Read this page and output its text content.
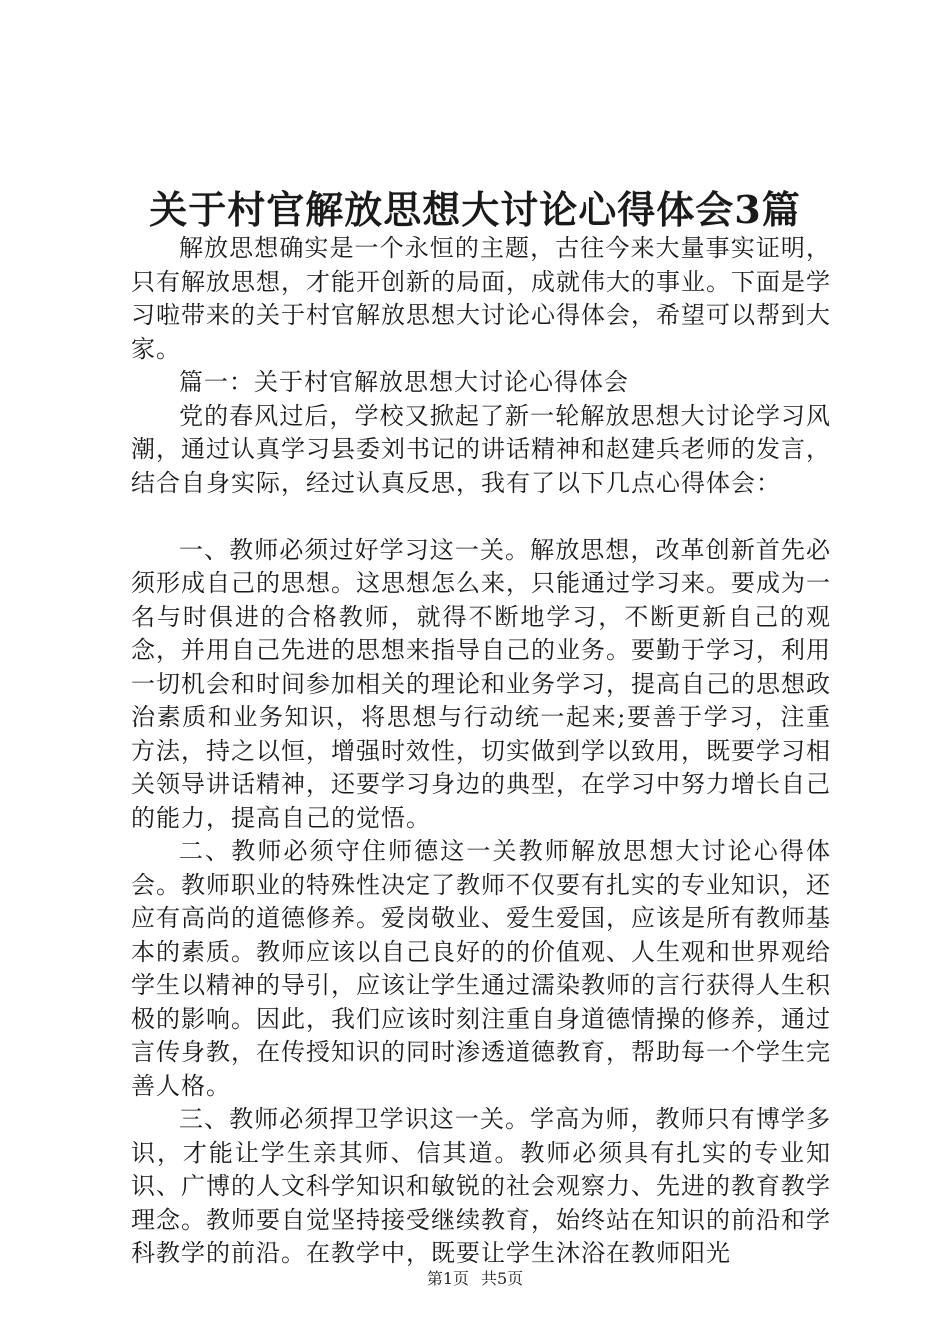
关于村官解放思想大讨论心得体会3篇

解放思想确实是一个永恒的主题，古往今来大量事实证明，只有解放思想，才能开创新的局面，成就伟大的事业。下面是学习啦带来的关于村官解放思想大讨论心得体会，希望可以帮到大家。

篇一：关于村官解放思想大讨论心得体会

党的春风过后，学校又掀起了新一轮解放思想大讨论学习风潮，通过认真学习县委刘书记的讲话精神和赵建兵老师的发言，结合自身实际，经过认真反思，我有了以下几点心得体会：

一、教师必须过好学习这一关。解放思想，改革创新首先必须形成自己的思想。这思想怎么来，只能通过学习来。要成为一名与时俱进的合格教师，就得不断地学习，不断更新自己的观念，并用自己先进的思想来指导自己的业务。要勤于学习，利用一切机会和时间参加相关的理论和业务学习，提高自己的思想政治素质和业务知识，将思想与行动统一起来;要善于学习，注重方法，持之以恒，增强时效性，切实做到学以致用，既要学习相关领导讲话精神，还要学习身边的典型，在学习中努力增长自己的能力，提高自己的觉悟。

二、教师必须守住师德这一关教师解放思想大讨论心得体会。教师职业的特殊性决定了教师不仅要有扎实的专业知识，还应有高尚的道德修养。爱岗敬业、爱生爱国，应该是所有教师基本的素质。教师应该以自己良好的的价值观、人生观和世界观给学生以精神的导引，应该让学生通过濡染教师的言行获得人生积极的影响。因此，我们应该时刻注重自身道德情操的修养，通过言传身教，在传授知识的同时渗透道德教育，帮助每一个学生完善人格。

三、教师必须捍卫学识这一关。学高为师，教师只有博学多识，才能让学生亲其师、信其道。教师必须具有扎实的专业知识、广博的人文科学知识和敏锐的社会观察力、先进的教育教学理念。教师要自觉坚持接受继续教育，始终站在知识的前沿和学科教学的前沿。在教学中，既要让学生沐浴在教师阳光

第1页 共5页
